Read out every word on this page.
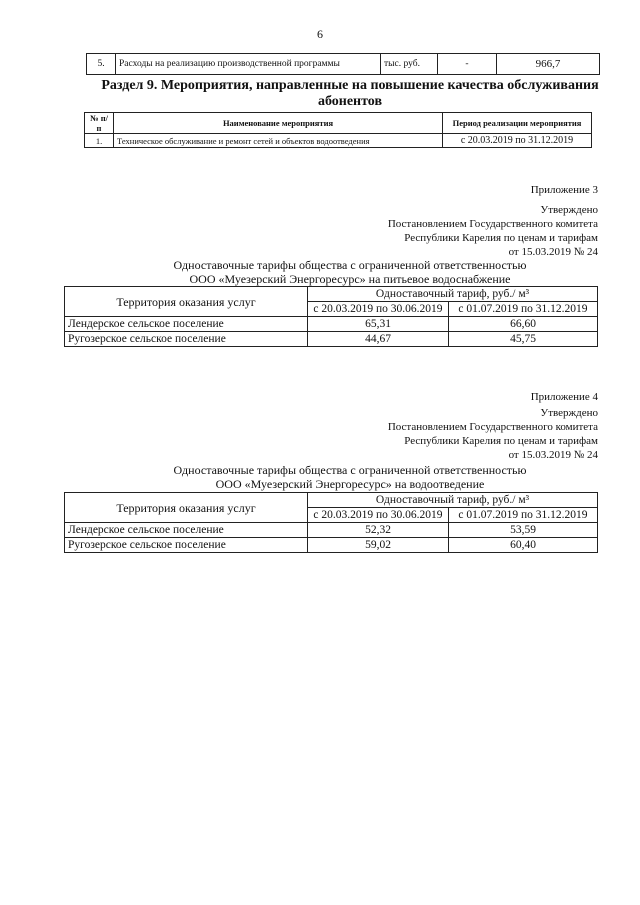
6
5.	Расходы на реализацию производственной программы	тыс. руб.	-	966,7
Раздел 9. Мероприятия, направленные на повышение качества обслуживания абонентов
№ п/п	Наименование мероприятия	Период реализации мероприятия
1.	Техническое обслуживание и ремонт сетей и объектов водоотведения	с 20.03.2019 по 31.12.2019
Приложение 3
Утверждено
Постановлением Государственного комитета
Республики Карелия по ценам и тарифам
от 15.03.2019 № 24
Одноставочные тарифы общества с ограниченной ответственностью
ООО «Муезерский Энергоресурс» на питьевое водоснабжение
Территория оказания услуг	Одноставочный тариф, руб./ м³	
	с 20.03.2019 по 30.06.2019	с 01.07.2019 по 31.12.2019
Лендерское сельское поселение	65,31	66,60
Ругозерское сельское поселение	44,67	45,75
Приложение 4
Утверждено
Постановлением Государственного комитета
Республики Карелия по ценам и тарифам
от 15.03.2019 № 24
Одноставочные тарифы общества с ограниченной ответственностью
ООО «Муезерский Энергоресурс» на водоотведение
Территория оказания услуг	Одноставочный тариф, руб./ м³	
	с 20.03.2019 по 30.06.2019	с 01.07.2019 по 31.12.2019
Лендерское сельское поселение	52,32	53,59
Ругозерское сельское поселение	59,02	60,40
